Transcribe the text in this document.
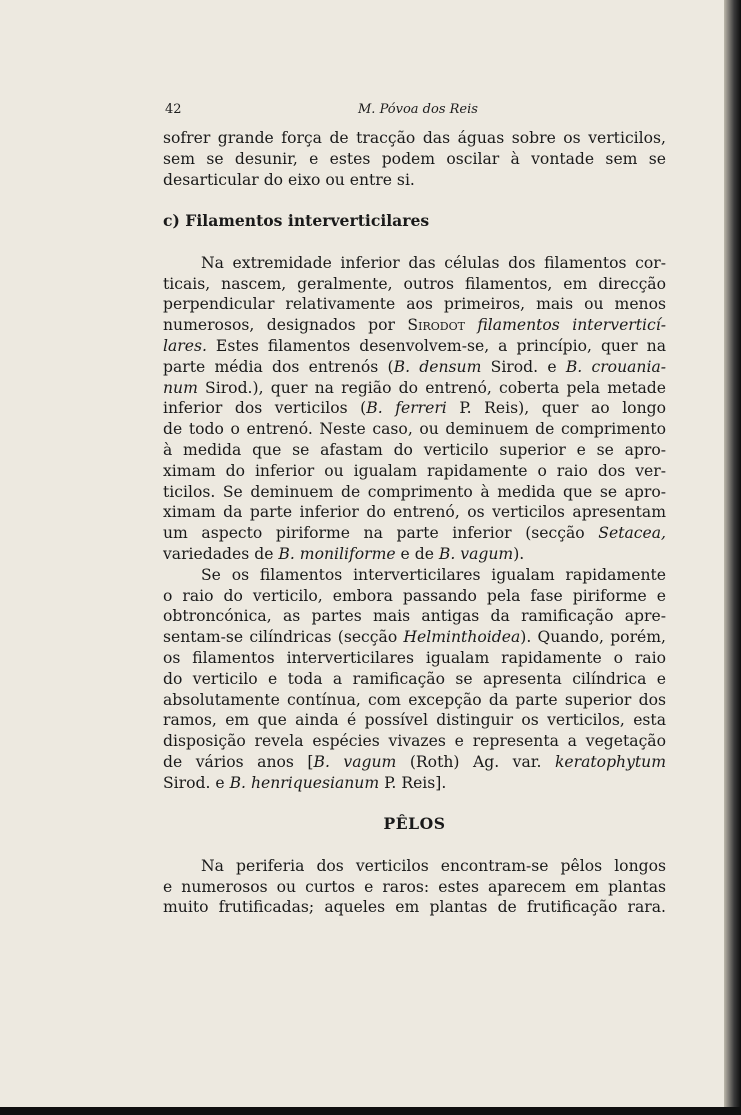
42	M. Póvoa dos Reis
sofrer grande força de tracção das águas sobre os verticilos,
sem se desunir, e estes podem oscilar à vontade sem se
desarticular do eixo ou entre si.
c) Filamentos interverticilares
Na extremidade inferior das células dos filamentos cor-
ticais, nascem, geralmente, outros filamentos, em direcção
perpendicular relativamente aos primeiros, mais ou menos
numerosos, designados por Sirodot filamentos interverticí-
lares. Estes filamentos desenvolvem-se, a princípio, quer na
parte média dos entrenós (B. densum Sirod. e B. crouania-
num Sirod.), quer na região do entrenó, coberta pela metade
inferior dos verticilos (B. ferreri P. Reis), quer ao longo
de todo o entrenó. Neste caso, ou deminuem de comprimento
à medida que se afastam do verticilo superior e se apro-
ximam do inferior ou igualam rapidamente o raio dos ver-
ticilos. Se deminuem de comprimento à medida que se apro-
ximam da parte inferior do entrenó, os verticilos apresentam
um aspecto piriforme na parte inferior (secção Setacea,
variedades de B. moniliforme e de B. vagum).
Se os filamentos interverticilares igualam rapidamente
o raio do verticilo, embora passando pela fase piriforme e
obtroncónica, as partes mais antigas da ramificação apre-
sentam-se cilíndricas (secção Helminthoidea). Quando, porém,
os filamentos interverticilares igualam rapidamente o raio
do verticilo e toda a ramificação se apresenta cilíndrica e
absolutamente contínua, com excepção da parte superior dos
ramos, em que ainda é possível distinguir os verticilos, esta
disposição revela espécies vivazes e representa a vegetação
de vários anos [B. vagum (Roth) Ag. var. keratophytum
Sirod. e B. henriquesianum P. Reis].
PÊLOS
Na periferia dos verticilos encontram-se pêlos longos
e numerosos ou curtos e raros: estes aparecem em plantas
muito frutificadas; aqueles em plantas de frutificação rara.
